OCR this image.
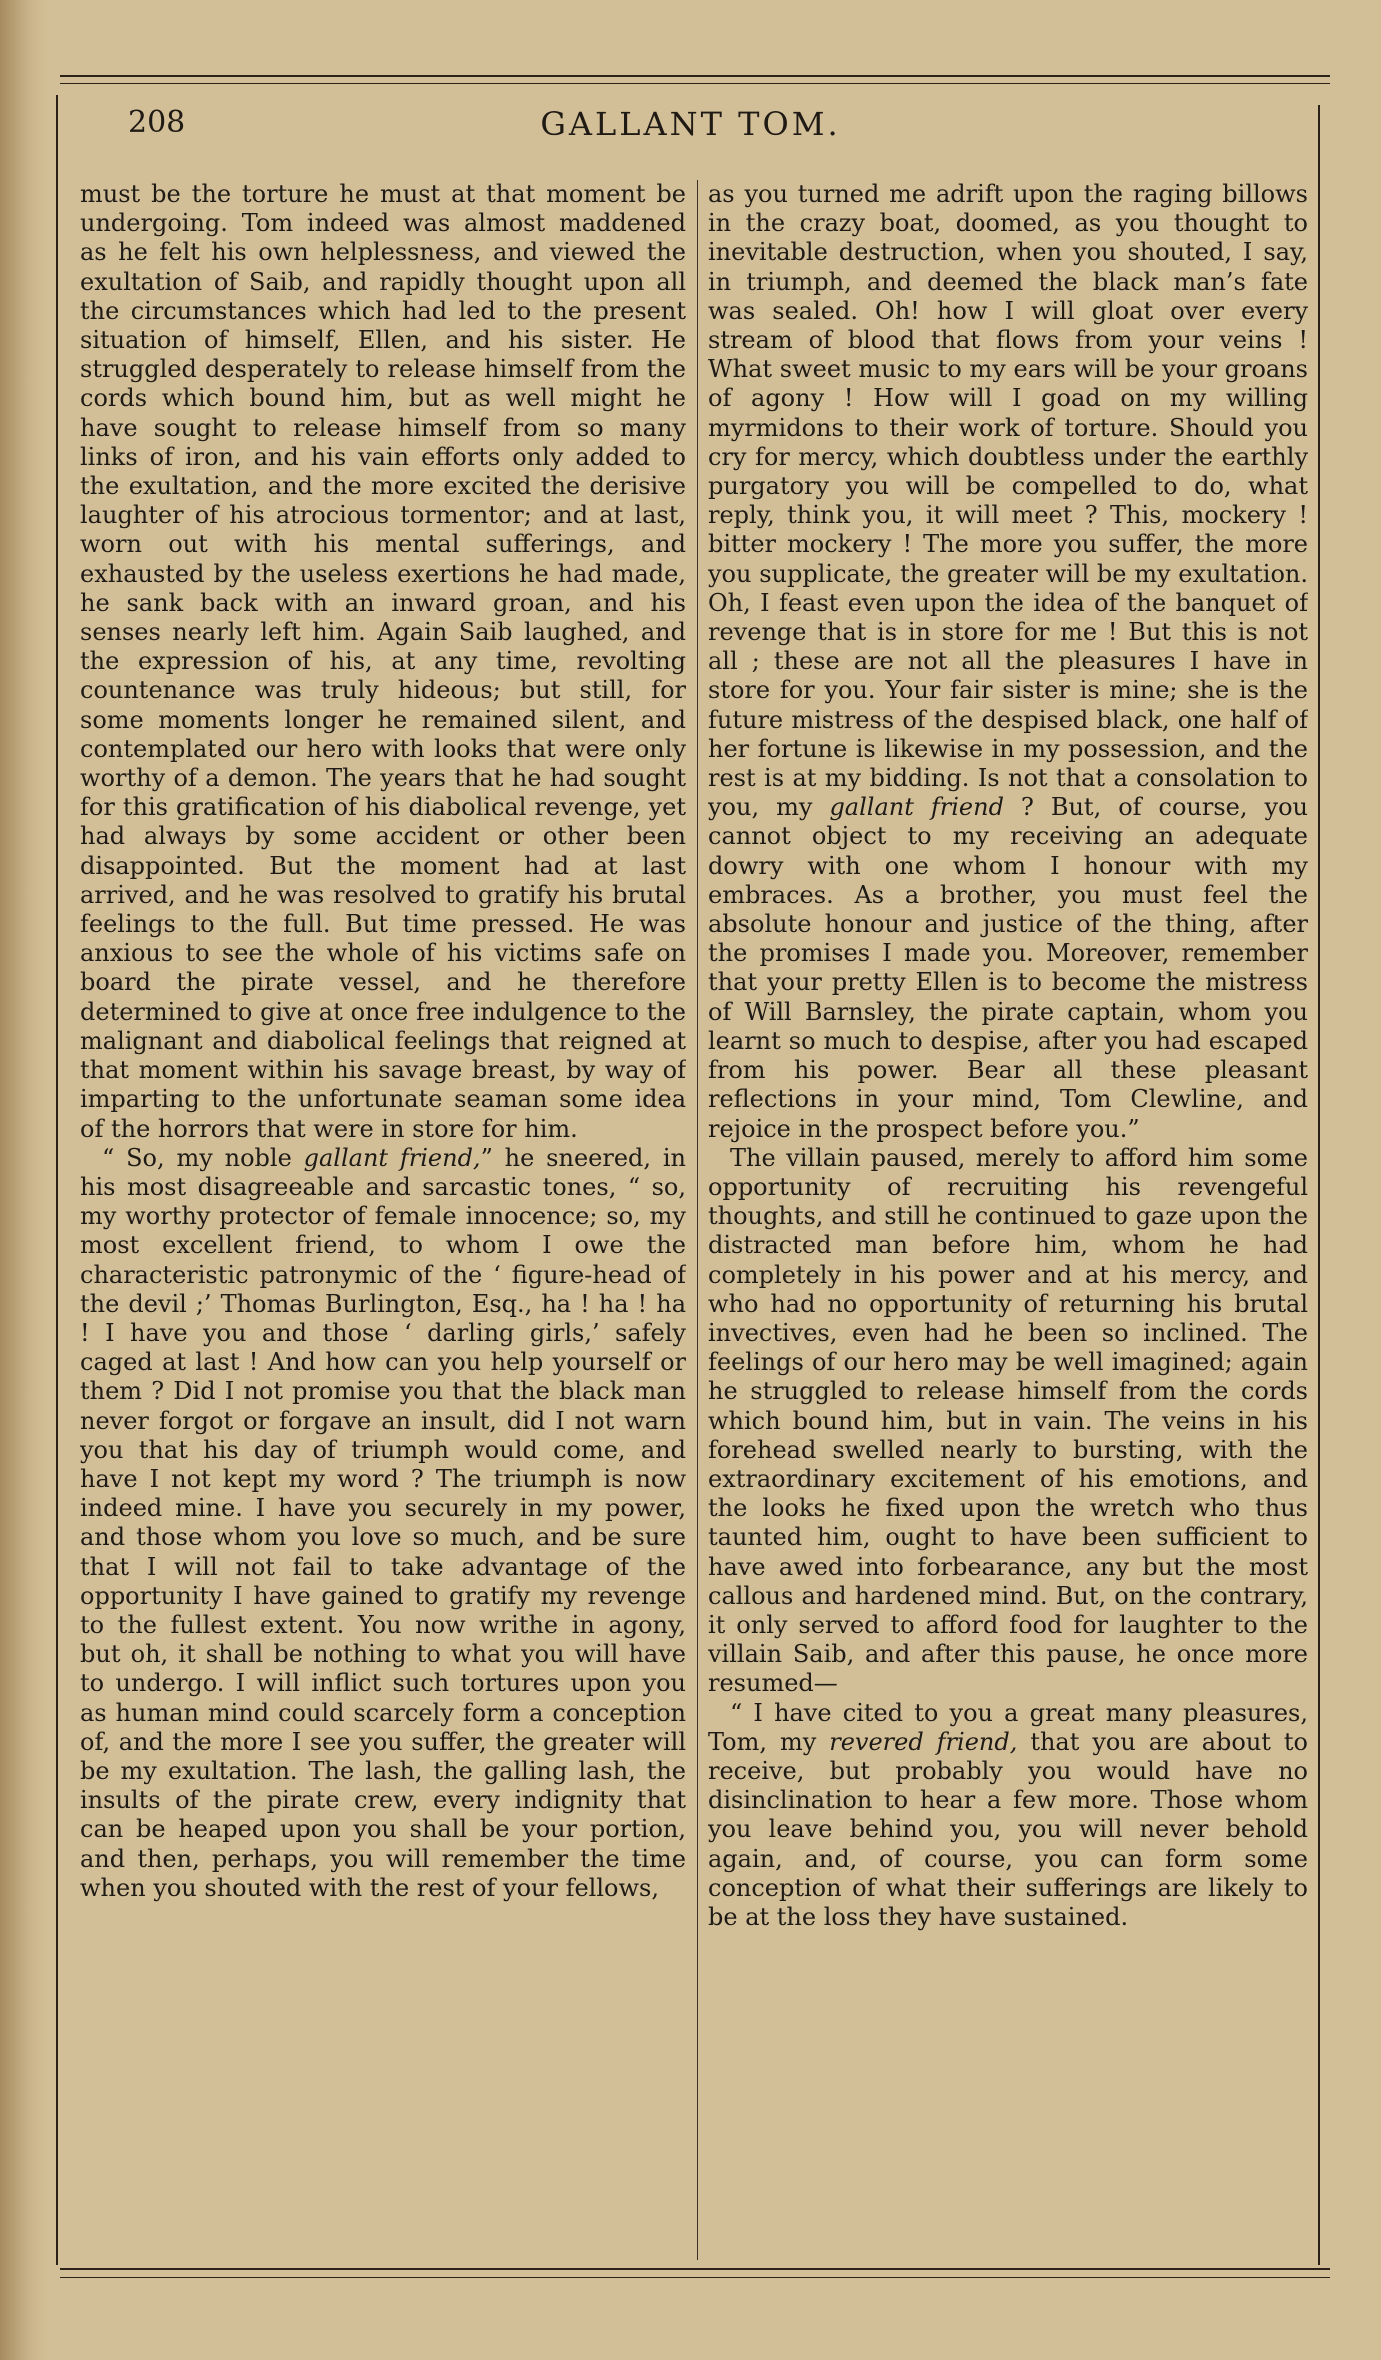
208	GALLANT TOM.

must be the torture he must at that moment be undergoing. Tom indeed was almost maddened as he felt his own helplessness, and viewed the exultation of Saib, and rapidly thought upon all the circumstances which had led to the present situation of himself, Ellen, and his sister. He struggled desperately to release himself from the cords which bound him, but as well might he have sought to release himself from so many links of iron, and his vain efforts only added to the exultation, and the more excited the derisive laughter of his atrocious tormentor; and at last, worn out with his mental sufferings, and exhausted by the useless exertions he had made, he sank back with an inward groan, and his senses nearly left him. Again Saib laughed, and the expression of his, at any time, revolting countenance was truly hideous; but still, for some moments longer he remained silent, and contemplated our hero with looks that were only worthy of a demon. The years that he had sought for this gratification of his diabolical revenge, yet had always by some accident or other been disappointed. But the moment had at last arrived, and he was resolved to gratify his brutal feelings to the full. But time pressed. He was anxious to see the whole of his victims safe on board the pirate vessel, and he therefore determined to give at once free indulgence to the malignant and diabolical feelings that reigned at that moment within his savage breast, by way of imparting to the unfortunate seaman some idea of the horrors that were in store for him.

“ So, my noble gallant friend,” he sneered, in his most disagreeable and sarcastic tones, “ so, my worthy protector of female innocence; so, my most excellent friend, to whom I owe the characteristic patronymic of the ‘ figure-head of the devil ;’ Thomas Burlington, Esq., ha ! ha ! ha ! I have you and those ‘ darling girls,’ safely caged at last ! And how can you help yourself or them ? Did I not promise you that the black man never forgot or forgave an insult, did I not warn you that his day of triumph would come, and have I not kept my word ? The triumph is now indeed mine. I have you securely in my power, and those whom you love so much, and be sure that I will not fail to take advantage of the opportunity I have gained to gratify my revenge to the fullest extent. You now writhe in agony, but oh, it shall be nothing to what you will have to undergo. I will inflict such tortures upon you as human mind could scarcely form a conception of, and the more I see you suffer, the greater will be my exultation. The lash, the galling lash, the insults of the pirate crew, every indignity that can be heaped upon you shall be your portion, and then, perhaps, you will remember the time when you shouted with the rest of your fellows,

as you turned me adrift upon the raging billows in the crazy boat, doomed, as you thought to inevitable destruction, when you shouted, I say, in triumph, and deemed the black man’s fate was sealed. Oh! how I will gloat over every stream of blood that flows from your veins ! What sweet music to my ears will be your groans of agony ! How will I goad on my willing myrmidons to their work of torture. Should you cry for mercy, which doubtless under the earthly purgatory you will be compelled to do, what reply, think you, it will meet ? This, mockery ! bitter mockery ! The more you suffer, the more you supplicate, the greater will be my exultation. Oh, I feast even upon the idea of the banquet of revenge that is in store for me ! But this is not all ; these are not all the pleasures I have in store for you. Your fair sister is mine; she is the future mistress of the despised black, one half of her fortune is likewise in my possession, and the rest is at my bidding. Is not that a consolation to you, my gallant friend ? But, of course, you cannot object to my receiving an adequate dowry with one whom I honour with my embraces. As a brother, you must feel the absolute honour and justice of the thing, after the promises I made you. Moreover, remember that your pretty Ellen is to become the mistress of Will Barnsley, the pirate captain, whom you learnt so much to despise, after you had escaped from his power. Bear all these pleasant reflections in your mind, Tom Clewline, and rejoice in the prospect before you.”

The villain paused, merely to afford him some opportunity of recruiting his revengeful thoughts, and still he continued to gaze upon the distracted man before him, whom he had completely in his power and at his mercy, and who had no opportunity of returning his brutal invectives, even had he been so inclined. The feelings of our hero may be well imagined; again he struggled to release himself from the cords which bound him, but in vain. The veins in his forehead swelled nearly to bursting, with the extraordinary excitement of his emotions, and the looks he fixed upon the wretch who thus taunted him, ought to have been sufficient to have awed into forbearance, any but the most callous and hardened mind. But, on the contrary, it only served to afford food for laughter to the villain Saib, and after this pause, he once more resumed—

“ I have cited to you a great many pleasures, Tom, my revered friend, that you are about to receive, but probably you would have no disinclination to hear a few more. Those whom you leave behind you, you will never behold again, and, of course, you can form some conception of what their sufferings are likely to be at the loss they have sustained.
